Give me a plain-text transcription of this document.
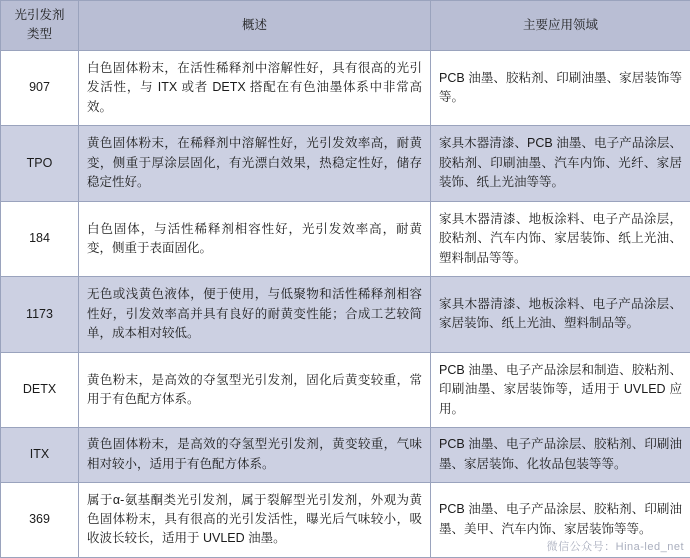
光引发剂类型	概述	主要应用领域
907	白色固体粉末，在活性稀释剂中溶解性好，具有很高的光引发活性，与 ITX 或者 DETX 搭配在有色油墨体系中非常高效。	PCB 油墨、胶粘剂、印刷油墨、家居装饰等等。
TPO	黄色固体粉末，在稀释剂中溶解性好，光引发效率高，耐黄变，侧重于厚涂层固化，有光漂白效果，热稳定性好，储存稳定性好。	家具木器清漆、PCB 油墨、电子产品涂层、胶粘剂、印刷油墨、汽车内饰、光纤、家居装饰、纸上光油等等。
184	白色固体，与活性稀释剂相容性好，光引发效率高，耐黄变，侧重于表面固化。	家具木器清漆、地板涂料、电子产品涂层，胶粘剂、汽车内饰、家居装饰、纸上光油、塑料制品等等。
1173	无色或浅黄色液体，便于使用，与低聚物和活性稀释剂相容性好，引发效率高并具有良好的耐黄变性能；合成工艺较简单，成本相对较低。	家具木器清漆、地板涂料、电子产品涂层、家居装饰、纸上光油、塑料制品等。
DETX	黄色粉末，是高效的夺氢型光引发剂，固化后黄变较重，常用于有色配方体系。	PCB 油墨、电子产品涂层和制造、胶粘剂、印刷油墨、家居装饰等，适用于 UVLED 应用。
ITX	黄色固体粉末，是高效的夺氢型光引发剂，黄变较重，气味相对较小，适用于有色配方体系。	PCB 油墨、电子产品涂层、胶粘剂、印刷油墨、家居装饰、化妆品包装等等。
369	属于α-氨基酮类光引发剂，属于裂解型光引发剂，外观为黄色固体粉末，具有很高的光引发活性，曝光后气味较小，吸收波长较长，适用于 UVLED 油墨。	PCB 油墨、电子产品涂层、胶粘剂、印刷油墨、美甲、汽车内饰、家居装饰等等。
微信公众号：Hina-led_net
